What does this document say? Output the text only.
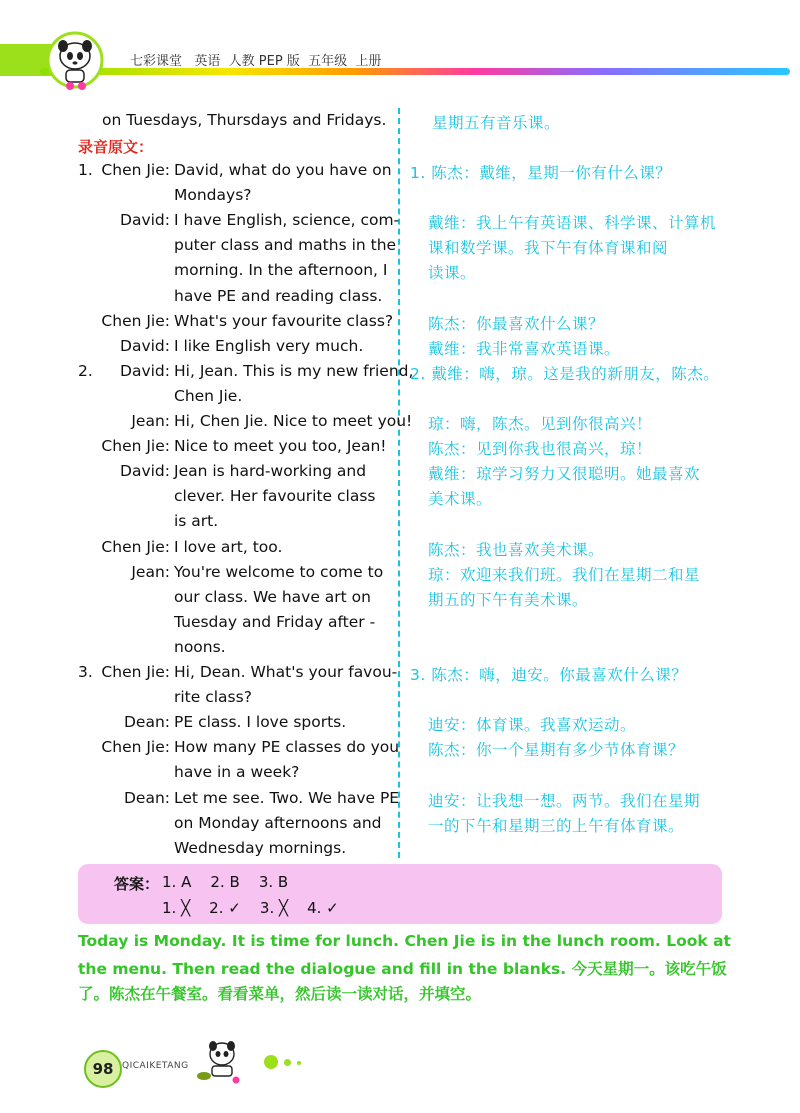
七彩课堂   英语  人教 PEP 版  五年级  上册
on Tuesdays, Thursdays and Fridays.	星期五有音乐课。
录音原文：
1. Chen Jie: David, what do you have on 1. 陈杰：戴维，星期一你有什么课？
Mondays?
David: I have English, science, com- 戴维：我上午有英语课、科学课、计算机
puter class and maths in the 课和数学课。我下午有体育课和阅
morning. In the afternoon, I	读课。
have PE and reading class.
Chen Jie: What's your favourite class? 陈杰：你最喜欢什么课？
David: I like English very much.	戴维：我非常喜欢英语课。
2.	David: Hi, Jean. This is my new friend,
2. 戴维：嗨，琼。这是我的新朋友，陈杰。
Chen Jie.
Jean: Hi, Chen Jie. Nice to meet you! 琼：嗨，陈杰。见到你很高兴！
Chen Jie: Nice to meet you too, Jean!	陈杰：见到你我也很高兴，琼！
David: Jean is hard-working and	戴维：琼学习努力又很聪明。她最喜欢
clever. Her favourite class	美术课。
is art.
Chen Jie: I love art, too.	陈杰：我也喜欢美术课。
Jean: You're welcome to come to	琼：欢迎来我们班。我们在星期二和星
our class. We have art on	期五的下午有美术课。
Tuesday and Friday after -
noons.
3. Chen Jie: Hi, Dean. What's your favou- 3. 陈杰：嗨，迪安。你最喜欢什么课？
rite class?
Dean: PE class. I love sports.	迪安：体育课。我喜欢运动。
Chen Jie: How many PE classes do you 陈杰：你一个星期有多少节体育课？
have in a week?
Dean: Let me see. Two. We have PE 迪安：让我想一想。两节。我们在星期
on Monday afternoons and	一的下午和星期三的上午有体育课。
Wednesday mornings.
答案： 1. A    2. B    3. B
1. ╳    2. ✓    3. ╳    4. ✓
Today is Monday. It is time for lunch. Chen Jie is in the lunch room. Look at
the menu. Then read the dialogue and fill in the blanks. 今天星期一。该吃午饭
了。陈杰在午餐室。看看菜单，然后读一读对话，并填空。
98 QICAIKETANG
